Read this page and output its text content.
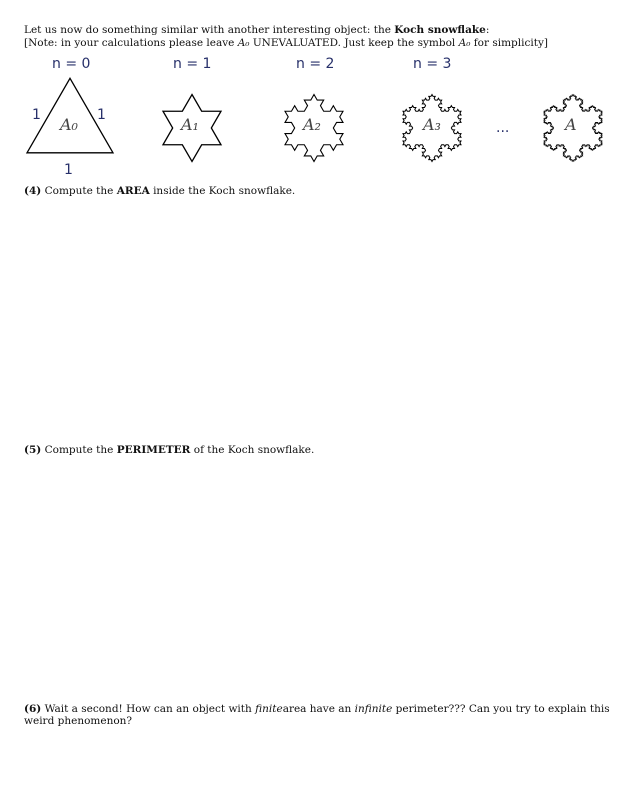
Let us now do something similar with another interesting object: the Koch snowflake:
[Note: in your calculations please leave A₀ UNEVALUATED. Just keep the symbol A₀ for simplicity]
n = 0	n = 1	n = 2	n = 3
1	1
1
A₀	A₁	A₂	A₃	A
...
(4) Compute the AREA inside the Koch snowflake.
(5) Compute the PERIMETER of the Koch snowflake.
(6) Wait a second! How can an object with finitearea have an infinite perimeter??? Can you try to explain this weird phenomenon?
